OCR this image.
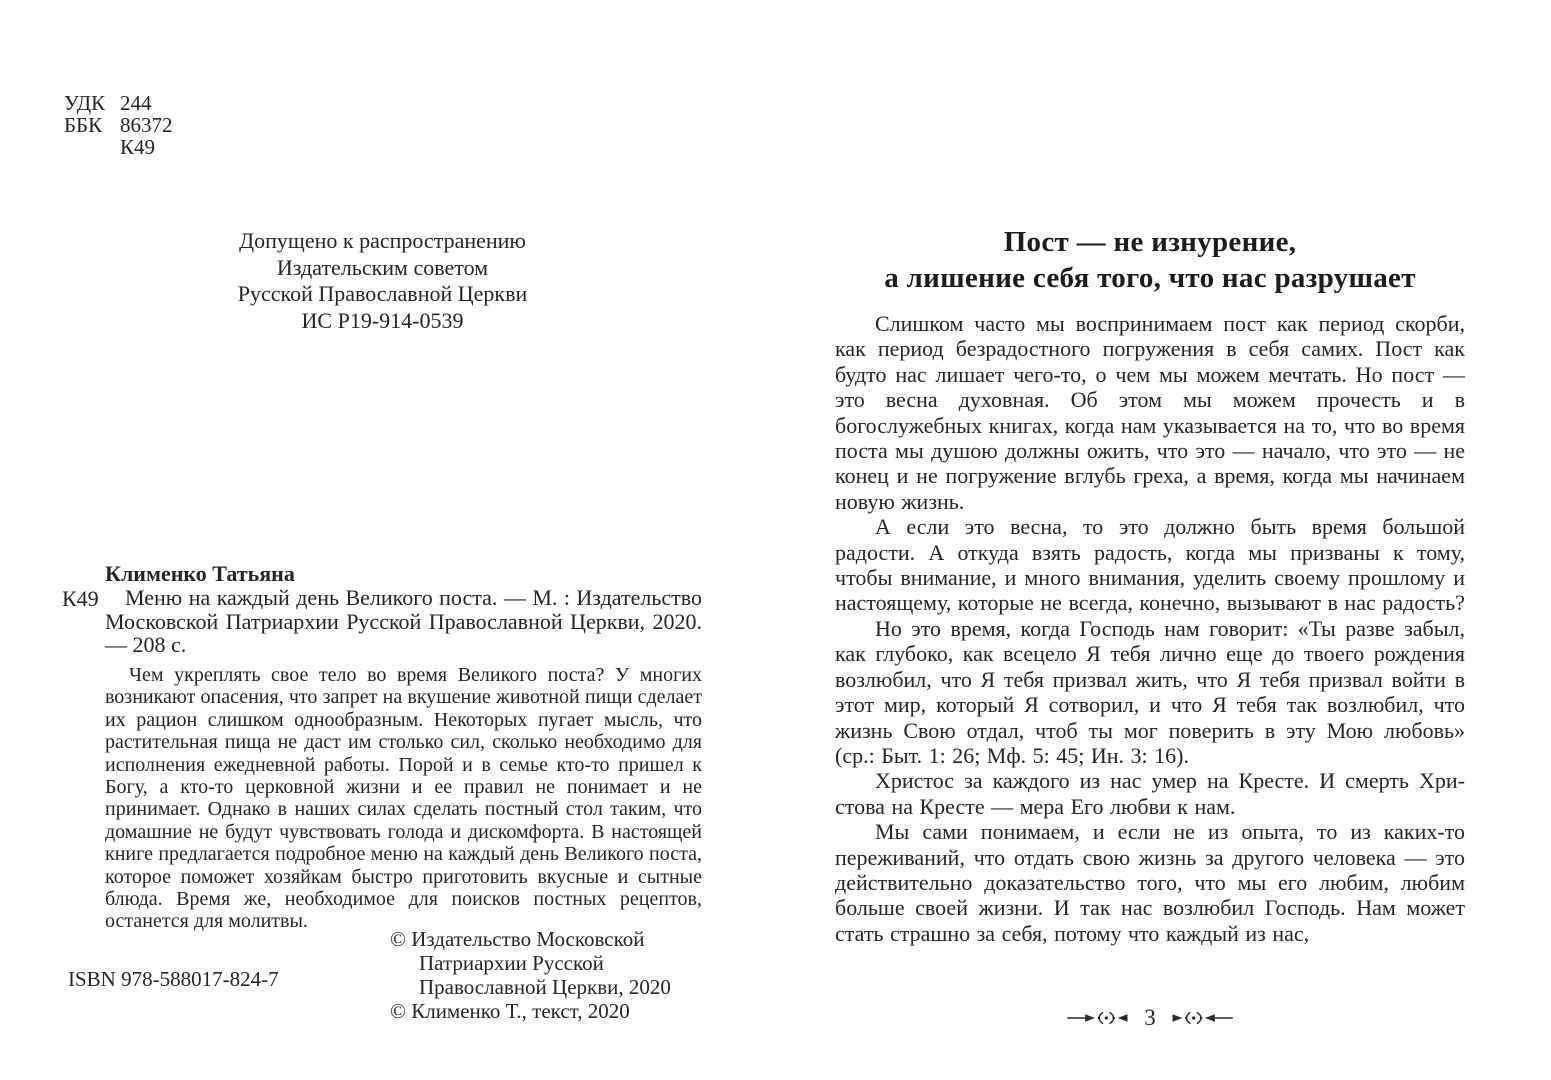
УДК 244
ББК 86372
К49
Допущено к распространению
Издательским советом
Русской Православной Церкви
ИС Р19-914-0539
Клименко Татьяна
К49	Меню на каждый день Великого поста. — М. : Издательство Московской Патриархии Русской Православной Церкви, 2020. — 208 с.

Чем укреплять свое тело во время Великого поста? У многих возникают опасения, что запрет на вкушение животной пищи сделает их рацион слишком однообразным. Некоторых пугает мысль, что растительная пища не даст им столько сил, сколько необходимо для исполнения ежедневной работы. Порой и в семье кто-то пришел к Богу, а кто-то церковной жизни и ее правил не понимает и не принимает. Однако в наших силах сделать постный стол таким, что домашние не будут чувствовать голода и дискомфорта. В настоящей книге предлагается подробное меню на каждый день Великого поста, которое поможет хозяйкам быстро приготовить вкусные и сытные блюда. Время же, необходимое для поисков постных рецептов, останется для молитвы.

ISBN 978-588017-824-7
© Издательство Московской Патриархии Русской Православной Церкви, 2020
© Клименко Т., текст, 2020
Пост — не изнурение,
а лишение себя того, что нас разрушает

Слишком часто мы воспринимаем пост как период скорби, как период безрадостного погружения в себя самих. Пост как будто нас лишает чего-то, о чем мы можем мечтать. Но пост — это весна духовная. Об этом мы можем прочесть и в богослужебных книгах, когда нам указывается на то, что во время поста мы душою должны ожить, что это — начало, что это — не конец и не погружение вглубь греха, а время, когда мы начинаем новую жизнь.

А если это весна, то это должно быть время большой радости. А откуда взять радость, когда мы призваны к тому, чтобы внимание, и много внимания, уделить своему прошлому и настоящему, которые не всегда, конечно, вызывают в нас радость?

Но это время, когда Господь нам говорит: «Ты разве забыл, как глубоко, как всецело Я тебя лично еще до твоего рождения возлюбил, что Я тебя призвал жить, что Я тебя призвал войти в этот мир, который Я сотворил, и что Я тебя так возлюбил, что жизнь Свою отдал, чтоб ты мог поверить в эту Мою любовь» (ср.: Быт. 1: 26; Мф. 5: 45; Ин. 3: 16).

Христос за каждого из нас умер на Кресте. И смерть Христова на Кресте — мера Его любви к нам.

Мы сами понимаем, и если не из опыта, то из каких-то переживаний, что отдать свою жизнь за другого человека — это действительно доказательство того, что мы его любим, любим больше своей жизни. И так нас возлюбил Господь. Нам может стать страшно за себя, потому что каждый из нас,

3
